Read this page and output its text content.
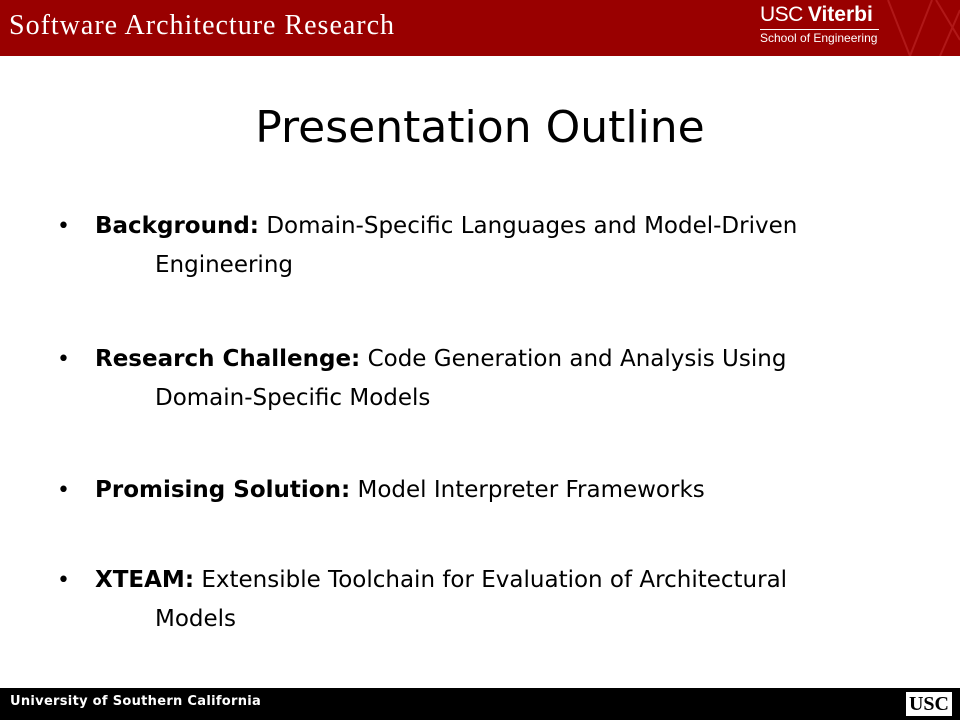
Software Architecture Research	USC Viterbi
School of Engineering
Presentation Outline
• Background: Domain-Specific Languages and Model-Driven
Engineering
• Research Challenge: Code Generation and Analysis Using
Domain-Specific Models
• Promising Solution: Model Interpreter Frameworks
• XTEAM: Extensible Toolchain for Evaluation of Architectural
Models
University of Southern California	USC
